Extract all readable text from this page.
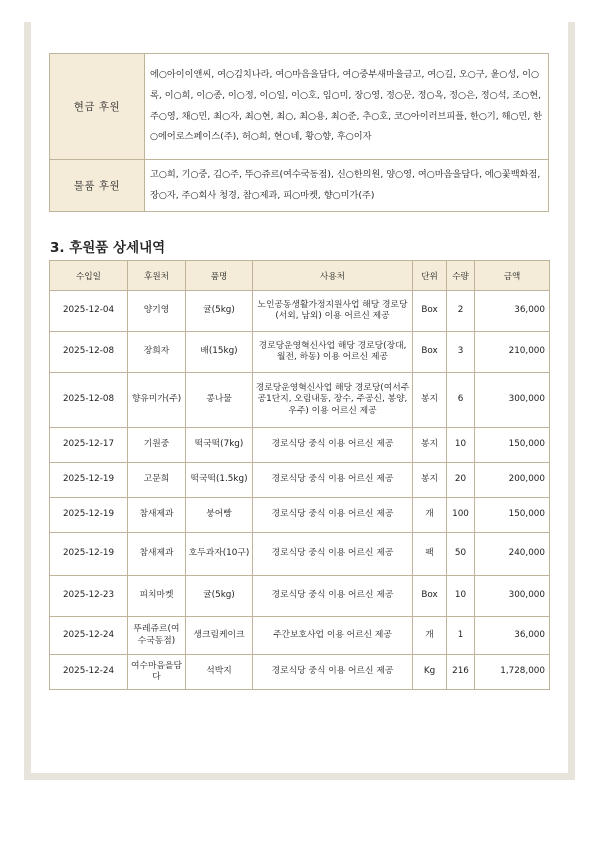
현금 후원	에○아이이앤씨, 여○김치나라, 여○마음을담다, 여○중부새마을금고, 여○길, 오○구, 윤○성, 이○록, 이○희, 이○종, 이○정, 이○일, 이○호, 임○미, 장○영, 정○문, 정○옥, 정○은, 정○석, 조○현, 주○영, 채○민, 최○자, 최○현, 최○, 최○용, 최○준, 추○호, 코○아이러브피플, 한○기, 해○민, 한○에어로스페이스(주), 허○희, 현○네, 황○향, 후○이자
물품 후원	고○희, 기○중, 김○주, 뚜○쥬르(여수국동점), 신○한의원, 양○영, 여○마음을담다, 에○꽃백화점, 장○자, 주○회사 청경, 참○제과, 피○마켓, 향○미가(주)
3. 후원품 상세내역
수입일	후원처	품명	사용처	단위	수량	금액
2025-12-04	양기영	귤(5kg)	노인공동생활가정지원사업 해당 경로당(서외, 남외) 이용 어르신 제공	Box	2	36,000
2025-12-08	장희자	배(15kg)	경로당운영혁신사업 해당 경로당(장대, 월전, 하동) 이용 어르신 제공	Box	3	210,000
2025-12-08	향유미가(주)	콩나물	경로당운영혁신사업 해당 경로당(여서주공1단지, 오림내동, 장수, 주공신, 봉양, 우주) 이용 어르신 제공	봉지	6	300,000
2025-12-17	기원중	떡국떡(7kg)	경로식당 중식 이용 어르신 제공	봉지	10	150,000
2025-12-19	고문희	떡국떡(1.5kg)	경로식당 중식 이용 어르신 제공	봉지	20	200,000
2025-12-19	참새제과	붕어빵	경로식당 중식 이용 어르신 제공	개	100	150,000
2025-12-19	참새제과	호두과자(10구)	경로식당 중식 이용 어르신 제공	팩	50	240,000
2025-12-23	피치마켓	귤(5kg)	경로식당 중식 이용 어르신 제공	Box	10	300,000
2025-12-24	뚜레쥬르(여수국동점)	생크림케이크	주간보호사업 이용 어르신 제공	개	1	36,000
2025-12-24	여수마음을담다	석박지	경로식당 중식 이용 어르신 제공	Kg	216	1,728,000
